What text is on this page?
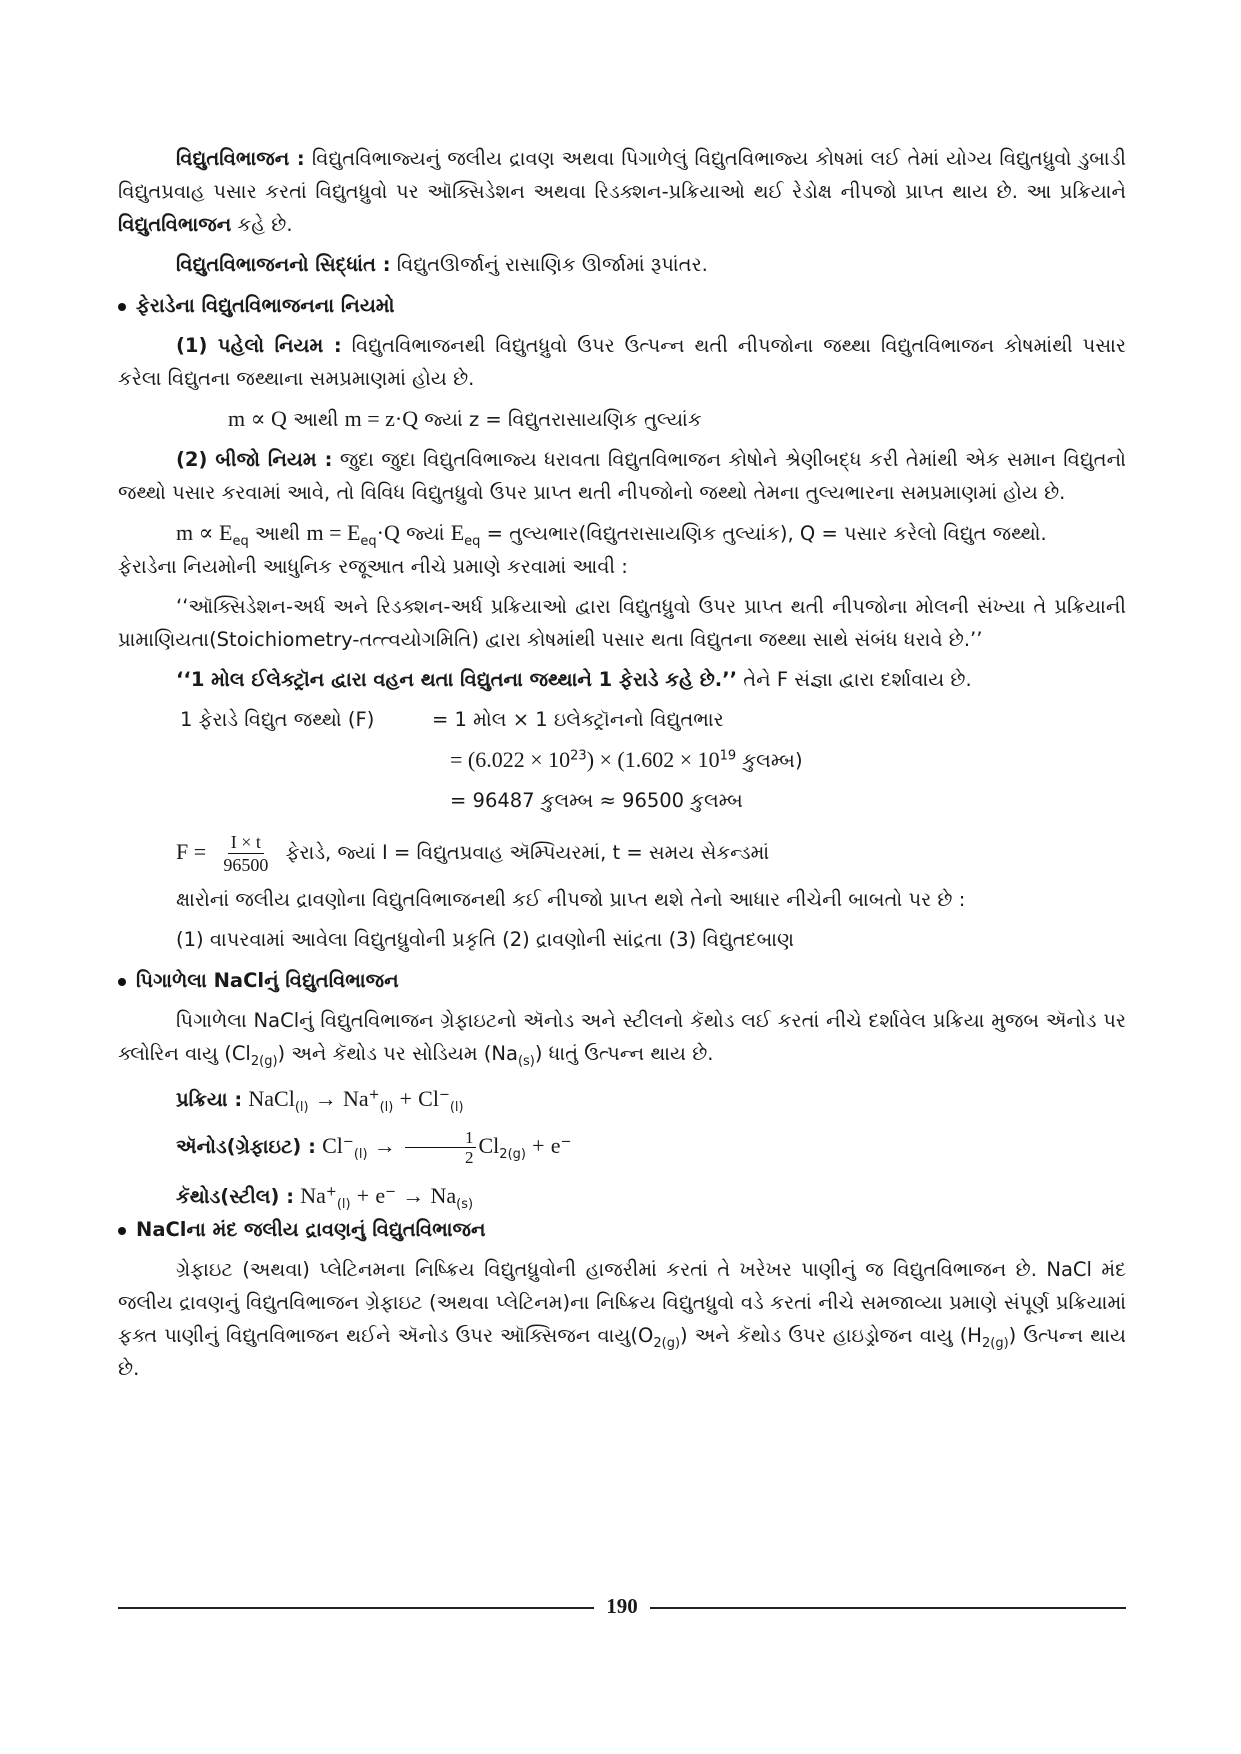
વિદ્યુતવિભાજન : વિદ્યુતવિભાજ્યનું જલીય દ્રાવણ અથવા પિગાળેલું વિદ્યુતવિભાજ્ય કોષમાં લઈ તેમાં યોગ્ય વિદ્યુતધ્રુવો ડુબાડી વિદ્યુતપ્રવાહ પસાર કરતાં વિદ્યુતધ્રુવો પર ઑક્સિડેશન અથવા રિડક્શન-પ્રક્રિયાઓ થઈ રેડોક્ષ નીપજો પ્રાપ્ત થાય છે. આ પ્રક્રિયાને વિદ્યુતવિભાજન કહે છે.

વિદ્યુતવિભાજનનો સિદ્ધાંત : વિદ્યુતઊર્જાનું રાસાણિક ઊર્જામાં રૂપાંતર.

ફેરાડેના વિદ્યુતવિભાજનના નિયમો

(1) પહેલો નિયમ : વિદ્યુતવિભાજનથી વિદ્યુતધ્રુવો ઉપર ઉત્પન્ન થતી નીપજોના જથ્થા વિદ્યુતવિભાજન કોષમાંથી પસાર કરેલા વિદ્યુતના જથ્થાના સમપ્રમાણમાં હોય છે.

m ∝ Q આથી m = z·Q જ્યાં z = વિદ્યુતરાસાયણિક તુલ્યાંક

(2) બીજો નિયમ : જુદા જુદા વિદ્યુતવિભાજ્ય ધરાવતા વિદ્યુતવિભાજન કોષોને શ્રેણીબદ્ધ કરી તેમાંથી એક સમાન વિદ્યુતનો જથ્થો પસાર કરવામાં આવે, તો વિવિધ વિદ્યુતધ્રુવો ઉપર પ્રાપ્ત થતી નીપજોનો જથ્થો તેમના તુલ્યભારના સમપ્રમાણમાં હોય છે.

$m \propto E_{eq}$ આથી $m = E_{eq}\cdot Q$ જ્યાં $E_{eq}$ = તુલ્યભાર(વિદ્યુતરાસાયણિક તુલ્યાંક), Q = પસાર કરેલો વિદ્યુત જથ્થો.

ફેરાડેના નિયમોની આધુનિક રજૂઆત નીચે પ્રમાણે કરવામાં આવી :

‘‘ઑક્સિડેશન-અર્ધ અને રિડક્શન-અર્ધ પ્રક્રિયાઓ દ્વારા વિદ્યુતધ્રુવો ઉપર પ્રાપ્ત થતી નીપજોના મોલની સંખ્યા તે પ્રક્રિયાની પ્રામાણિયતા(Stoichiometry-તત્ત્વયોગમિતિ) દ્વારા કોષમાંથી પસાર થતા વિદ્યુતના જથ્થા સાથે સંબંધ ધરાવે છે.’’

‘‘1 મોલ ઈલેક્ટ્રૉન દ્વારા વહન થતા વિદ્યુતના જથ્થાને 1 ફેરાડે કહે છે.’’ તેને F સંજ્ઞા દ્વારા દર્શાવાય છે.

1 ફેરાડે વિદ્યુત જથ્થો (F)	= 1 મોલ × 1 ઇલેક્ટ્રૉનનો વિદ્યુતભાર

= $(6.022 \times 10^{23}) \times (1.602 \times 10^{19}$ કુલમ્બ)

= 96487 કુલમ્બ ≈ 96500 કુલમ્બ

$F = \frac{I \times t}{96500}$ ફેરાડે, જ્યાં I = વિદ્યુતપ્રવાહ ઍમ્પિયરમાં, t = સમય સેકન્ડમાં

ક્ષારોનાં જલીય દ્રાવણોના વિદ્યુતવિભાજનથી કઈ નીપજો પ્રાપ્ત થશે તેનો આધાર નીચેની બાબતો પર છે :

(1) વાપરવામાં આવેલા વિદ્યુતધ્રુવોની પ્રકૃતિ (2) દ્રાવણોની સાંદ્રતા (3) વિદ્યુતદબાણ

પિગાળેલા NaClનું વિદ્યુતવિભાજન

પિગાળેલા NaClનું વિદ્યુતવિભાજન ગ્રેફાઇટનો ઍનોડ અને સ્ટીલનો કૅથોડ લઈ કરતાં નીચે દર્શાવેલ પ્રક્રિયા મુજબ ઍનોડ પર ક્લોરિન વાયુ $(Cl_{2(g)})$ અને કૅથોડ પર સોડિયમ $(Na_{(s)})$ ધાતું ઉત્પન્ન થાય છે.

પ્રક્રિયા : NaCl$_{(l)}$ → $Na^+_{(l)} + Cl^-_{(l)}$

ઍનોડ(ગ્રેફાઇટ) : $Cl^-_{(l)} \to \frac{1}{2} Cl_{2(g)} + e^-$

કૅથોડ(સ્ટીલ) : $Na^+_{(l)} + e^- \to Na_{(s)}$

NaClના મંદ જલીય દ્રાવણનું વિદ્યુતવિભાજન

ગ્રેફાઇટ (અથવા) પ્લેટિનમના નિષ્ક્રિય વિદ્યુતધ્રુવોની હાજરીમાં કરતાં તે ખરેખર પાણીનું જ વિદ્યુતવિભાજન છે. NaCl મંદ જલીય દ્રાવણનું વિદ્યુતવિભાજન ગ્રેફાઇટ (અથવા પ્લેટિનમ)ના નિષ્ક્રિય વિદ્યુતધ્રુવો વડે કરતાં નીચે સમજાવ્યા પ્રમાણે સંપૂર્ણ પ્રક્રિયામાં ફક્ત પાણીનું વિદ્યુતવિભાજન થઈને ઍનોડ ઉપર ઑક્સિજન $વાયુ(O_{2(g)})$ અને કૅથોડ ઉપર હાઇડ્રોજન વાયુ $(H_{2(g)})$ ઉત્પન્ન થાય છે.

190
